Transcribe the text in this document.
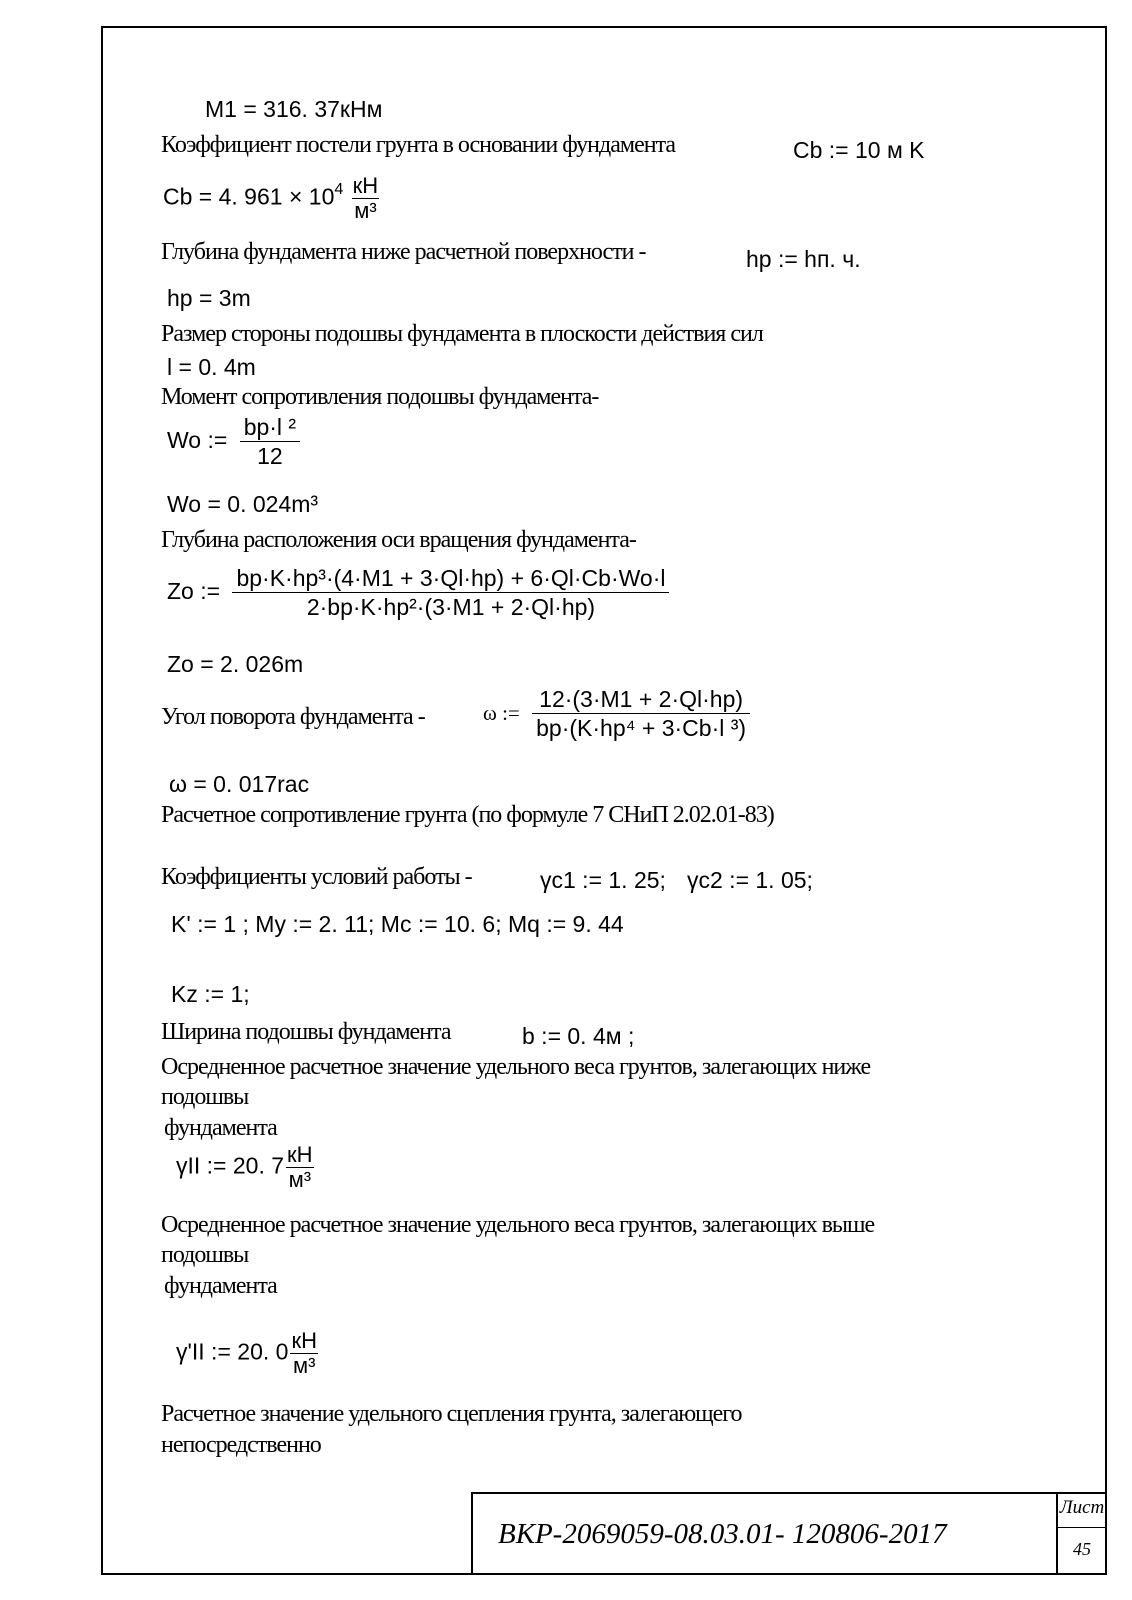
M1 = 316. 37кHм
Коэффициент постели грунта в основании фундамента	Cb := 10 м K
Cb = 4. $961 \times 10^4 \frac{кH}{\text{м³}}$
Глубина фундамента ниже расчетной поверхности -	hp := hп. ч.
hp = 3m
Размер стороны подошвы фундамента в плоскости действия сил
l = 0. 4m
Момент сопротивления подошвы фундамента-
Wo := $\frac{\text{bp·l ²}}{12}$
Wo = 0. 024m³
Глубина расположения оси вращения фундамента-
Zo := $\frac{\text{bp·K·hp³·(4·M1 + 3·Ql·hp) + 6·Ql·Cb·Wo·l}}{\text{2·bp·K·hp²·(3·M1 + 2·Ql·hp)}}$
Zo = 2. 026m
Угол поворота фундамента -	ω := $\frac{12\cdot(3\cdot M1 + 2\cdot Ql\cdot hp)}{\text{bp·(K·hp⁴ + 3·Cb·l ³)}}$
ω = 0. 017rac
Расчетное сопротивление грунта (по формуле 7 СНиП 2.02.01-83)
Коэффициенты условий работы -	γc1 := 1. 25; γc2 := 1. 05;
K' := 1 ; My := 2. 11; Mc := 10. 6; Mq := 9. 44
Kz := 1;
Ширина подошвы фундамента	b := 0. 4м ;
Осредненное расчетное значение удельного веса грунтов, залегающих ниже
подошвы
фундамента
γII := 20. $7 \frac{кH}{\text{м³}}$
Осредненное расчетное значение удельного веса грунтов, залегающих выше
подошвы
фундамента
γ'II := 20. $0 \frac{кH}{\text{м³}}$
Расчетное значение удельного сцепления грунта, залегающего
непосредственно
ВКР-2069059-08.03.01- 120806-2017
Лист
45
